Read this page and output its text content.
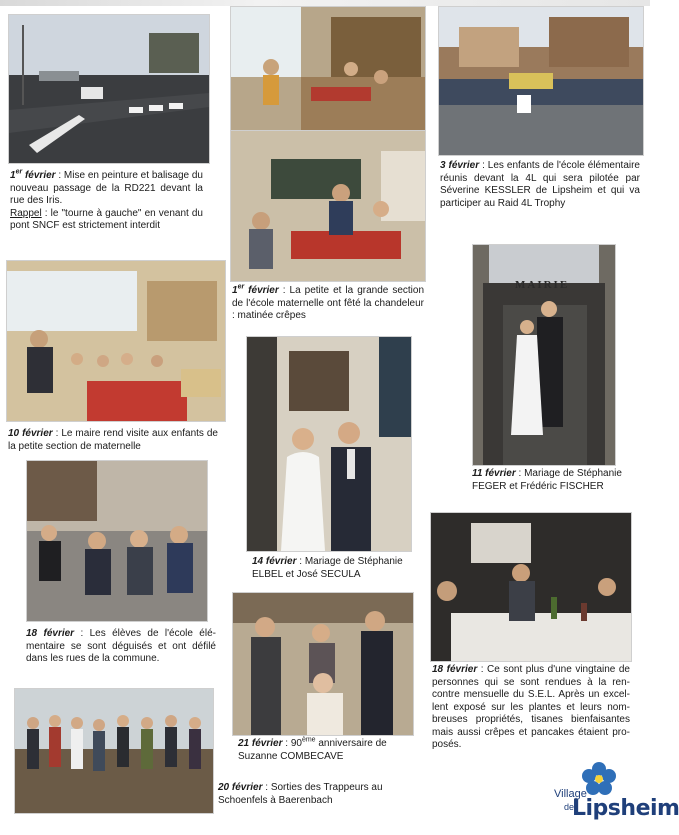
1er février : Mise en peinture et balisage du nouveau passage de la RD221 devant la rue des Iris.
Rappel : le "tourne à gauche" en venant du pont SNCF est strictement interdit
1er février : La petite et la grande section de l'école maternelle ont fêté la chandeleur : matinée crêpes
3 février : Les enfants de l'école élémentaire réunis devant la 4L qui sera pilotée par Séverine KESSLER de Lipsheim et qui va participer au Raid 4L Trophy
10 février : Le maire rend visite aux enfants de la petite section de maternelle
MAIRIE
11 février : Mariage de Stéphanie FEGER et Frédéric FISCHER
14 février : Mariage de Stéphanie ELBEL et José SECULA
18 février : Les élèves de l'école élémentaire se sont déguisés et ont défilé dans les rues de la commune.
18 février : Ce sont plus d'une vingtaine de personnes qui se sont rendues à la rencontre mensuelle du S.E.L. Après un excellent exposé sur les plantes et leurs nombreuses propriétés, tisanes bienfaisantes mais aussi crêpes et pancakes étaient proposés.
21 février : 90ème anniversaire de Suzanne COMBECAVE
20 février : Sorties des Trappeurs au Schoenfels à Baerenbach	Village
de
Lipsheim
